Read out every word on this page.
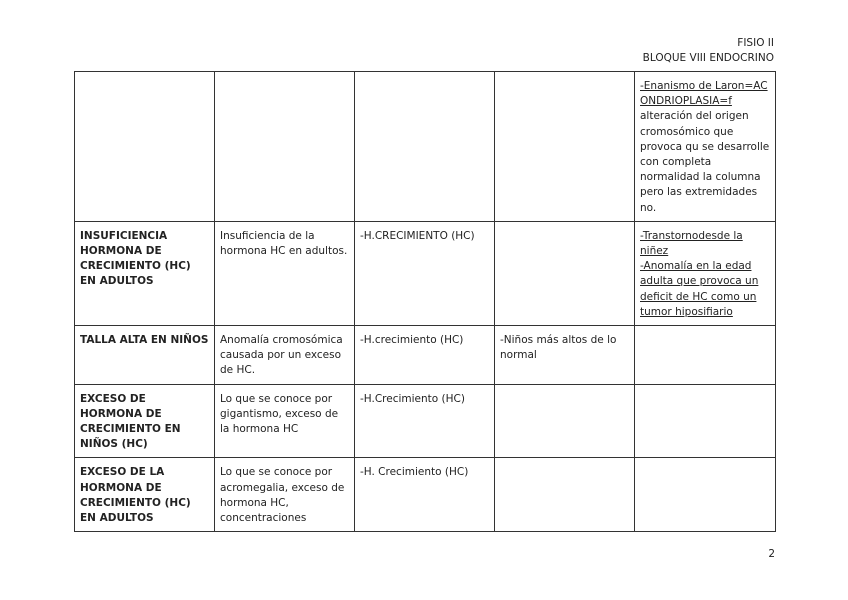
FISIO II
BLOQUE VIII ENDOCRINO
				-Enanismo de Laron=ACONDRIOPLASIA=falteración del origen cromosómico que provoca qu se desarrolle con completa normalidad la columna pero las extremidades no.
INSUFICIENCIA HORMONA DE CRECIMIENTO (HC) EN ADULTOS	Insuficiencia de la hormona HC en adultos.	-H.CRECIMIENTO (HC)		-Transtornodesde la niñez
-Anomalía en la edad adulta que provoca un deficit de HC como un tumor hiposifiario

TALLA ALTA EN NIÑOS	Anomalía cromosómica causada por un exceso de HC.	-H.crecimiento (HC)	-Niños más altos de lo normal	
EXCESO DE HORMONA DE CRECIMIENTO EN NIÑOS (HC)	Lo que se conoce por gigantismo, exceso de la hormona HC	-H.Crecimiento (HC)		
EXCESO DE LA HORMONA DE CRECIMIENTO (HC) EN ADULTOS	Lo que se conoce por acromegalia, exceso de hormona HC, concentraciones	-H. Crecimiento (HC)		
2
